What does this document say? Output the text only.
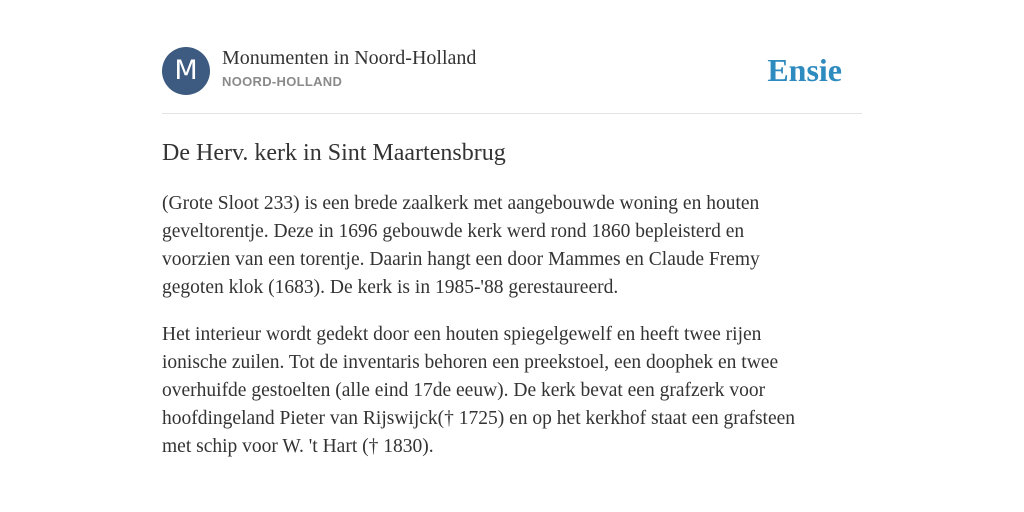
M	Monumenten in Noord-Holland
NOORD-HOLLAND	Ensie
De Herv. kerk in Sint Maartensbrug

(Grote Sloot 233) is een brede zaalkerk met aangebouwde woning en houten
geveltorentje. Deze in 1696 gebouwde kerk werd rond 1860 bepleisterd en
voorzien van een torentje. Daarin hangt een door Mammes en Claude Fremy
gegoten klok (1683). De kerk is in 1985-'88 gerestaureerd.

Het interieur wordt gedekt door een houten spiegelgewelf en heeft twee rijen
ionische zuilen. Tot de inventaris behoren een preekstoel, een doophek en twee
overhuifde gestoelten (alle eind 17de eeuw). De kerk bevat een grafzerk voor
hoofdingeland Pieter van Rijswijck(† 1725) en op het kerkhof staat een grafsteen
met schip voor W. 't Hart († 1830).
